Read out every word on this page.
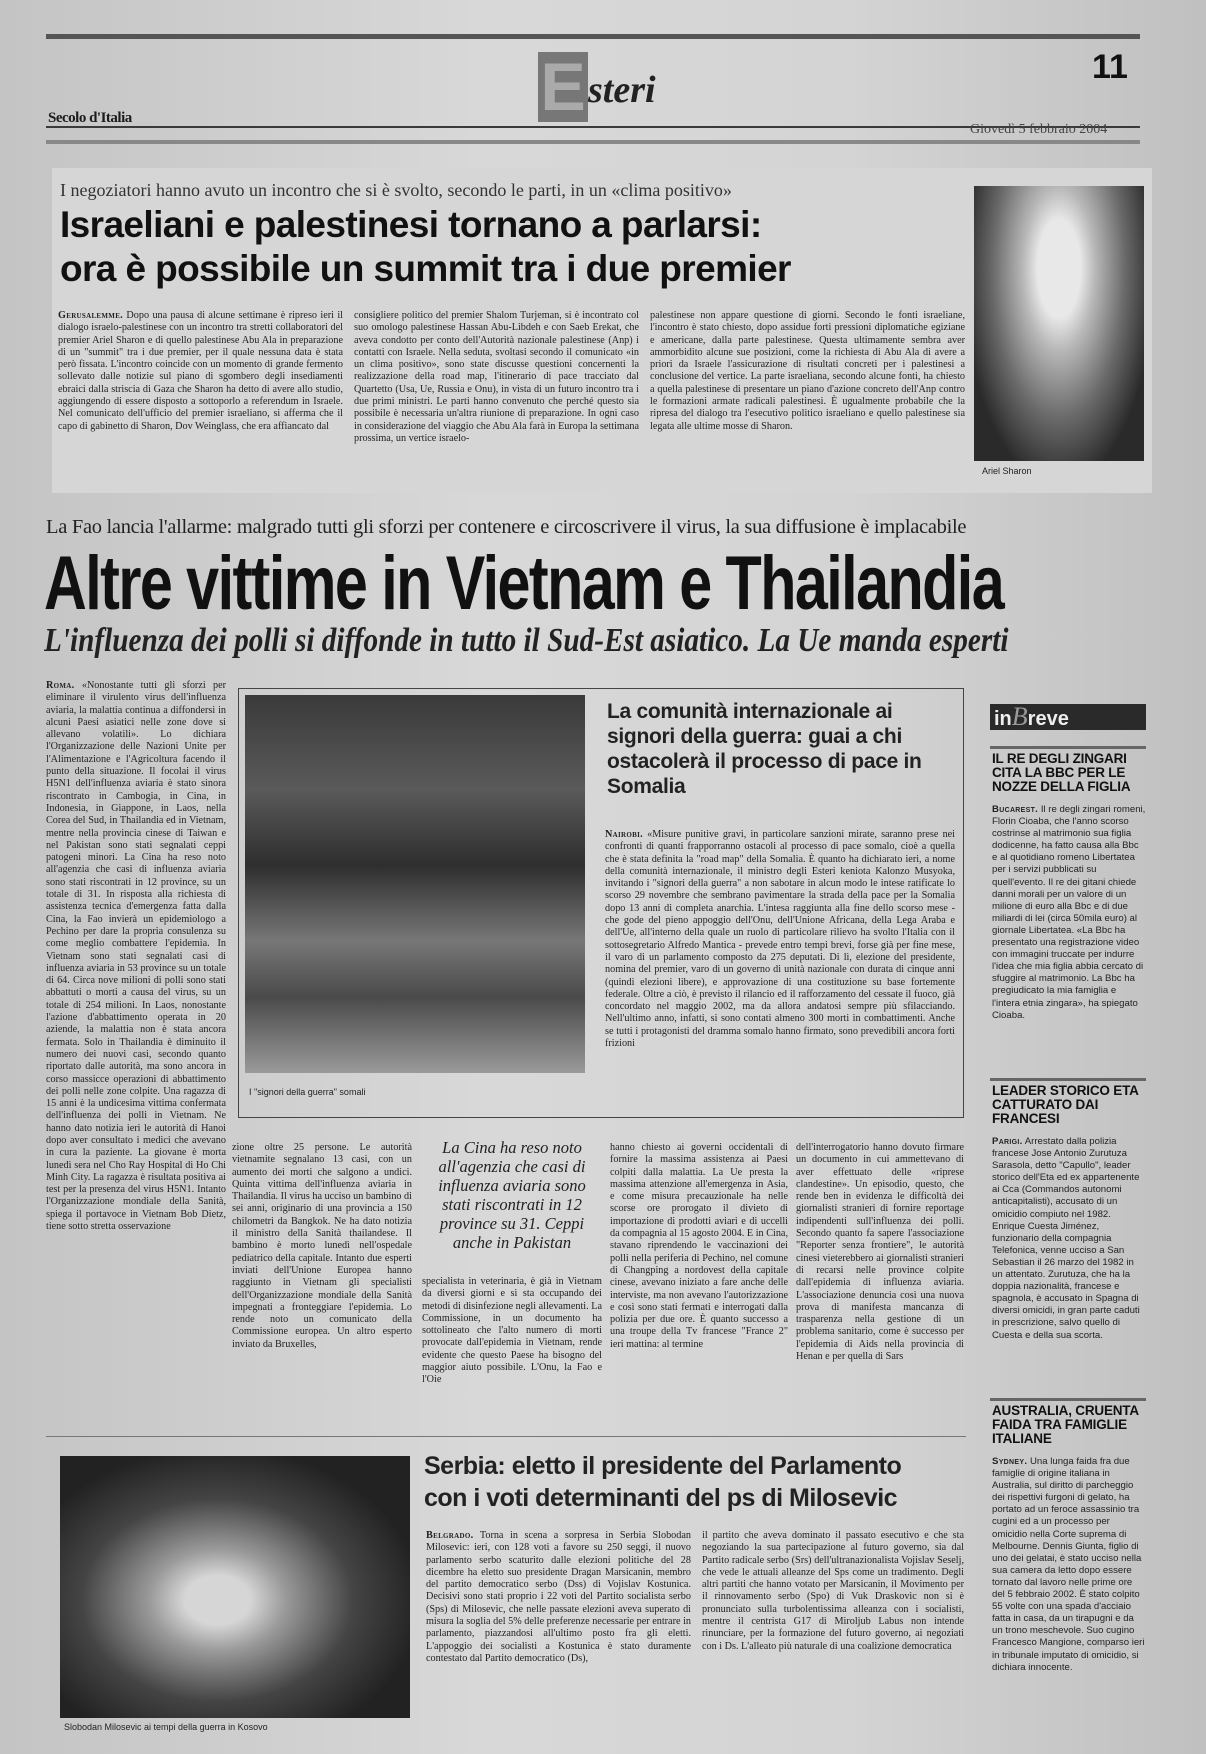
Esteri
11
Secolo d'Italia
Giovedì 5 febbraio 2004
I negoziatori hanno avuto un incontro che si è svolto, secondo le parti, in un «clima positivo»
Israeliani e palestinesi tornano a parlarsi:
ora è possibile un summit tra i due premier
Gerusalemme. Dopo una pausa di alcune settimane è ripreso ieri il dialogo israelo-palestinese con un incontro tra stretti collaboratori del premier Ariel Sharon e di quello palestinese Abu Ala in preparazione di un "summit" tra i due premier, per il quale nessuna data è stata però fissata. L'incontro coincide con un momento di grande fermento sollevato dalle notizie sul piano di sgombero degli insediamenti ebraici dalla striscia di Gaza che Sharon ha detto di avere allo studio, aggiungendo di essere disposto a sottoporlo a referendum in Israele. Nel comunicato dell'ufficio del premier israeliano, si afferma che il capo di gabinetto di Sharon, Dov Weinglass, che era affiancato dal
consigliere politico del premier Shalom Turjeman, si è incontrato col suo omologo palestinese Hassan Abu-Libdeh e con Saeb Erekat, che aveva condotto per conto dell'Autorità nazionale palestinese (Anp) i contatti con Israele. Nella seduta, svoltasi secondo il comunicato «in un clima positivo», sono state discusse questioni concernenti la realizzazione della road map, l'itinerario di pace tracciato dal Quartetto (Usa, Ue, Russia e Onu), in vista di un futuro incontro tra i due primi ministri. Le parti hanno convenuto che perché questo sia possibile è necessaria un'altra riunione di preparazione. In ogni caso in considerazione del viaggio che Abu Ala farà in Europa la settimana prossima, un vertice israelo-
palestinese non appare questione di giorni. Secondo le fonti israeliane, l'incontro è stato chiesto, dopo assidue forti pressioni diplomatiche egiziane e americane, dalla parte palestinese. Questa ultimamente sembra aver ammorbidito alcune sue posizioni, come la richiesta di Abu Ala di avere a priori da Israele l'assicurazione di risultati concreti per i palestinesi a conclusione del vertice. La parte israeliana, secondo alcune fonti, ha chiesto a quella palestinese di presentare un piano d'azione concreto dell'Anp contro le formazioni armate radicali palestinesi. È ugualmente probabile che la ripresa del dialogo tra l'esecutivo politico israeliano e quello palestinese sia legata alle ultime mosse di Sharon.
Ariel Sharon
La Fao lancia l'allarme: malgrado tutti gli sforzi per contenere e circoscrivere il virus, la sua diffusione è implacabile
Altre vittime in Vietnam e Thailandia
L'influenza dei polli si diffonde in tutto il Sud-Est asiatico. La Ue manda esperti
Roma. «Nonostante tutti gli sforzi per eliminare il virulento virus dell'influenza aviaria, la malattia continua a diffondersi in alcuni Paesi asiatici nelle zone dove si allevano volatili». Lo dichiara l'Organizzazione delle Nazioni Unite per l'Alimentazione e l'Agricoltura facendo il punto della situazione. Il focolai il virus H5N1 dell'influenza aviaria è stato sinora riscontrato in Cambogia, in Cina, in Indonesia, in Giappone, in Laos, nella Corea del Sud, in Thailandia ed in Vietnam, mentre nella provincia cinese di Taiwan e nel Pakistan sono stati segnalati ceppi patogeni minori. La Cina ha reso noto all'agenzia che casi di influenza aviaria sono stati riscontrati in 12 province, su un totale di 31. In risposta alla richiesta di assistenza tecnica d'emergenza fatta dalla Cina, la Fao invierà un epidemiologo a Pechino per dare la propria consulenza su come meglio combattere l'epidemia. In Vietnam sono stati segnalati casi di influenza aviaria in 53 province su un totale di 64. Circa nove milioni di polli sono stati abbattuti o morti a causa del virus, su un totale di 254 milioni. In Laos, nonostante l'azione d'abbattimento operata in 20 aziende, la malattia non è stata ancora fermata. Solo in Thailandia è diminuito il numero dei nuovi casi, secondo quanto riportato dalle autorità, ma sono ancora in corso massicce operazioni di abbattimento dei polli nelle zone colpite. Una ragazza di 15 anni è la undicesima vittima confermata dell'influenza dei polli in Vietnam. Ne hanno dato notizia ieri le autorità di Hanoi dopo aver consultato i medici che avevano in cura la paziente. La giovane è morta lunedì sera nel Cho Ray Hospital di Ho Chi Minh City. La ragazza è risultata positiva ai test per la presenza del virus H5N1. Intanto l'Organizzazione mondiale della Sanità, spiega il portavoce in Vietnam Bob Dietz, tiene sotto stretta osservazione
I "signori della guerra" somali
La comunità internazionale ai signori della guerra: guai a chi ostacolerà il processo di pace in Somalia
Nairobi. «Misure punitive gravi, in particolare sanzioni mirate, saranno prese nei confronti di quanti frapporranno ostacoli al processo di pace somalo, cioè a quella che è stata definita la "road map" della Somalia. È quanto ha dichiarato ieri, a nome della comunità internazionale, il ministro degli Esteri keniota Kalonzo Musyoka, invitando i "signori della guerra" a non sabotare in alcun modo le intese ratificate lo scorso 29 novembre che sembrano pavimentare la strada della pace per la Somalia dopo 13 anni di completa anarchia. L'intesa raggiunta alla fine dello scorso mese - che gode del pieno appoggio dell'Onu, dell'Unione Africana, della Lega Araba e dell'Ue, all'interno della quale un ruolo di particolare rilievo ha svolto l'Italia con il sottosegretario Alfredo Mantica - prevede entro tempi brevi, forse già per fine mese, il varo di un parlamento composto da 275 deputati. Di lì, elezione del presidente, nomina del premier, varo di un governo di unità nazionale con durata di cinque anni (quindi elezioni libere), e approvazione di una costituzione su base fortemente federale. Oltre a ciò, è previsto il rilancio ed il rafforzamento del cessate il fuoco, già concordato nel maggio 2002, ma da allora andatosi sempre più sfilacciando. Nell'ultimo anno, infatti, si sono contati almeno 300 morti in combattimenti. Anche se tutti i protagonisti del dramma somalo hanno firmato, sono prevedibili ancora forti frizioni
zione oltre 25 persone. Le autorità vietnamite segnalano 13 casi, con un aumento dei morti che salgono a undici. Quinta vittima dell'influenza aviaria in Thailandia. Il virus ha ucciso un bambino di sei anni, originario di una provincia a 150 chilometri da Bangkok. Ne ha dato notizia il ministro della Sanità thailandese. Il bambino è morto lunedì nell'ospedale pediatrico della capitale. Intanto due esperti inviati dell'Unione Europea hanno raggiunto in Vietnam gli specialisti dell'Organizzazione mondiale della Sanità impegnati a fronteggiare l'epidemia. Lo rende noto un comunicato della Commissione europea. Un altro esperto inviato da Bruxelles,
La Cina ha reso noto all'agenzia che casi di influenza aviaria sono stati riscontrati in 12 province su 31. Ceppi anche in Pakistan
specialista in veterinaria, è già in Vietnam da diversi giorni e si sta occupando dei metodi di disinfezione negli allevamenti. La Commissione, in un documento ha sottolineato che l'alto numero di morti provocate dall'epidemia in Vietnam, rende evidente che questo Paese ha bisogno del maggior aiuto possibile. L'Onu, la Fao e l'Oie
hanno chiesto ai governi occidentali di fornire la massima assistenza ai Paesi colpiti dalla malattia. La Ue presta la massima attenzione all'emergenza in Asia, e come misura precauzionale ha nelle scorse ore prorogato il divieto di importazione di prodotti aviari e di uccelli da compagnia al 15 agosto 2004. E in Cina, stavano riprendendo le vaccinazioni dei polli nella periferia di Pechino, nel comune di Changping a nordovest della capitale cinese, avevano iniziato a fare anche delle interviste, ma non avevano l'autorizzazione e così sono stati fermati e interrogati dalla polizia per due ore. È quanto successo a una troupe della Tv francese "France 2" ieri mattina: al termine
dell'interrogatorio hanno dovuto firmare un documento in cui ammettevano di aver effettuato delle «riprese clandestine». Un episodio, questo, che rende ben in evidenza le difficoltà dei giornalisti stranieri di fornire reportage indipendenti sull'influenza dei polli. Secondo quanto fa sapere l'associazione "Reporter senza frontiere", le autorità cinesi vieterebbero ai giornalisti stranieri di recarsi nelle province colpite dall'epidemia di influenza aviaria. L'associazione denuncia così una nuova prova di manifesta mancanza di trasparenza nella gestione di un problema sanitario, come è successo per l'epidemia di Aids nella provincia di Henan e per quella di Sars
inBreve
IL RE DEGLI ZINGARI CITA LA BBC PER LE NOZZE DELLA FIGLIA
Bucarest. Il re degli zingari romeni, Florin Cioaba, che l'anno scorso costrinse al matrimonio sua figlia dodicenne, ha fatto causa alla Bbc e al quotidiano romeno Libertatea per i servizi pubblicati su quell'evento. Il re dei gitani chiede danni morali per un valore di un milione di euro alla Bbc e di due miliardi di lei (circa 50mila euro) al giornale Libertatea. «La Bbc ha presentato una registrazione video con immagini truccate per indurre l'idea che mia figlia abbia cercato di sfuggire al matrimonio. La Bbc ha pregiudicato la mia famiglia e l'intera etnia zingara», ha spiegato Cioaba.
LEADER STORICO ETA CATTURATO DAI FRANCESI
Parigi. Arrestato dalla polizia francese Jose Antonio Zurutuza Sarasola, detto "Capullo", leader storico dell'Eta ed ex appartenente ai Cca (Commandos autonomi anticapitalisti), accusato di un omicidio compiuto nel 1982. Enrique Cuesta Jiménez, funzionario della compagnia Telefonica, venne ucciso a San Sebastian il 26 marzo del 1982 in un attentato. Zurutuza, che ha la doppia nazionalità, francese e spagnola, è accusato in Spagna di diversi omicidi, in gran parte caduti in prescrizione, salvo quello di Cuesta e della sua scorta.
AUSTRALIA, CRUENTA FAIDA TRA FAMIGLIE ITALIANE
Sydney. Una lunga faida fra due famiglie di origine italiana in Australia, sul diritto di parcheggio dei rispettivi furgoni di gelato, ha portato ad un feroce assassinio tra cugini ed a un processo per omicidio nella Corte suprema di Melbourne. Dennis Giunta, figlio di uno dei gelatai, è stato ucciso nella sua camera da letto dopo essere tornato dal lavoro nelle prime ore del 5 febbraio 2002. È stato colpito 55 volte con una spada d'acciaio fatta in casa, da un tirapugni e da un trono meschevole. Suo cugino Francesco Mangione, comparso ieri in tribunale imputato di omicidio, si dichiara innocente.
Slobodan Milosevic ai tempi della guerra in Kosovo
Serbia: eletto il presidente del Parlamento
con i voti determinanti del ps di Milosevic
Belgrado. Torna in scena a sorpresa in Serbia Slobodan Milosevic: ieri, con 128 voti a favore su 250 seggi, il nuovo parlamento serbo scaturito dalle elezioni politiche del 28 dicembre ha eletto suo presidente Dragan Marsicanin, membro del partito democratico serbo (Dss) di Vojislav Kostunica. Decisivi sono stati proprio i 22 voti del Partito socialista serbo (Sps) di Milosevic, che nelle passate elezioni aveva superato di misura la soglia del 5% delle preferenze necessarie per entrare in parlamento, piazzandosi all'ultimo posto fra gli eletti. L'appoggio dei socialisti a Kostunica è stato duramente contestato dal Partito democratico (Ds),
il partito che aveva dominato il passato esecutivo e che sta negoziando la sua partecipazione al futuro governo, sia dal Partito radicale serbo (Srs) dell'ultranazionalista Vojislav Seselj, che vede le attuali alleanze del Sps come un tradimento. Degli altri partiti che hanno votato per Marsicanin, il Movimento per il rinnovamento serbo (Spo) di Vuk Draskovic non si è pronunciato sulla turbolentissima alleanza con i socialisti, mentre il centrista G17 di Miroljub Labus non intende rinunciare, per la formazione del futuro governo, ai negoziati con i Ds. L'alleato più naturale di una coalizione democratica
